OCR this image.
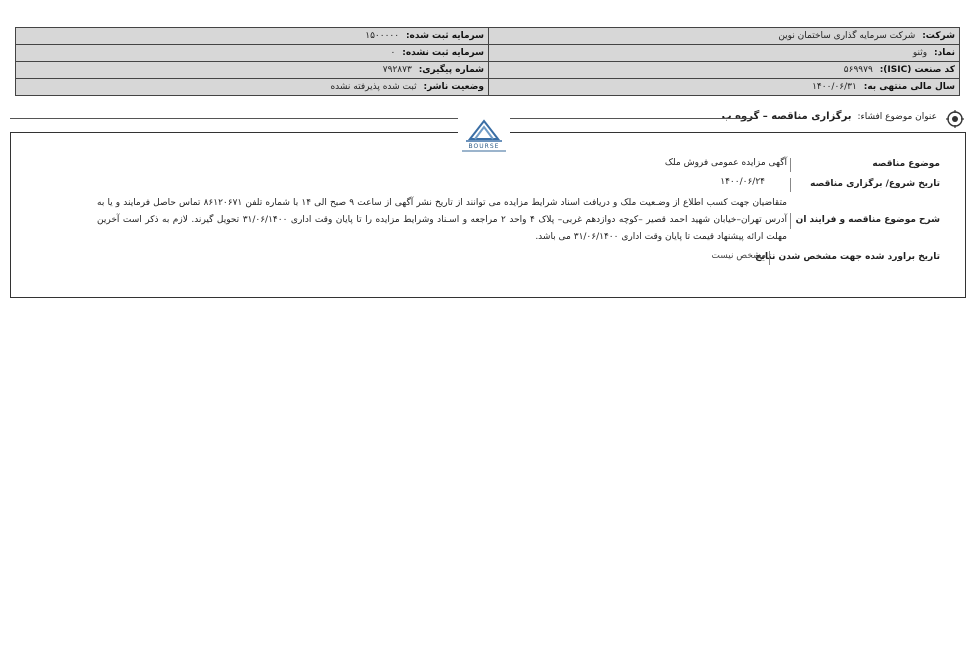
شرکت: شرکت سرمایه گذاری ساختمان نوین	سرمایه ثبت شده: ۱۵۰۰۰۰۰
نماد: وثنو	سرمایه ثبت نشده: ۰
کد صنعت (ISIC): ۵۶۹۹۷۹	شماره پیگیری: ۷۹۲۸۷۳
سال مالی منتهی به: ۱۴۰۰/۰۶/۳۱	وضعیت ناشر: ثبت شده پذیرفته نشده
عنوان موضوع افشاء: برگزاری مناقصه – گروه ب
BOURSE
موضوع مناقصه
آگهی مزایده عمومی فروش ملک
تاریخ شروع/ برگزاری مناقصه
۱۴۰۰/۰۶/۲۴
شرح موضوع مناقصه و فرایند ان
متقاضیان جهت کسب اطلاع از وضـعیت ملک و دریافت اسناد شرایط مزایده می توانند از تاریخ نشر آگهی از ساعت ۹ صبح الی ۱۴ با شماره تلفن ۸۶۱۲۰۶۷۱ تماس حاصل فرمایند و یا به آدرس تهران–خیابان شهید احمد قصیر –کوچه دوازدهم غربی– پلاک ۴ واحد ۲ مراجعه و اسـناد وشرایط مزایده را تا پایان وقت اداری ۳۱/۰۶/۱۴۰۰ تحویل گیرند. لازم به ذکر است آخرین مهلت ارائه پیشنهاد قیمت تا پایان وقت اداری ۳۱/۰۶/۱۴۰۰ می باشد.
تاریخ براورد شده جهت مشخص شدن نتایج
مشخص نیست
